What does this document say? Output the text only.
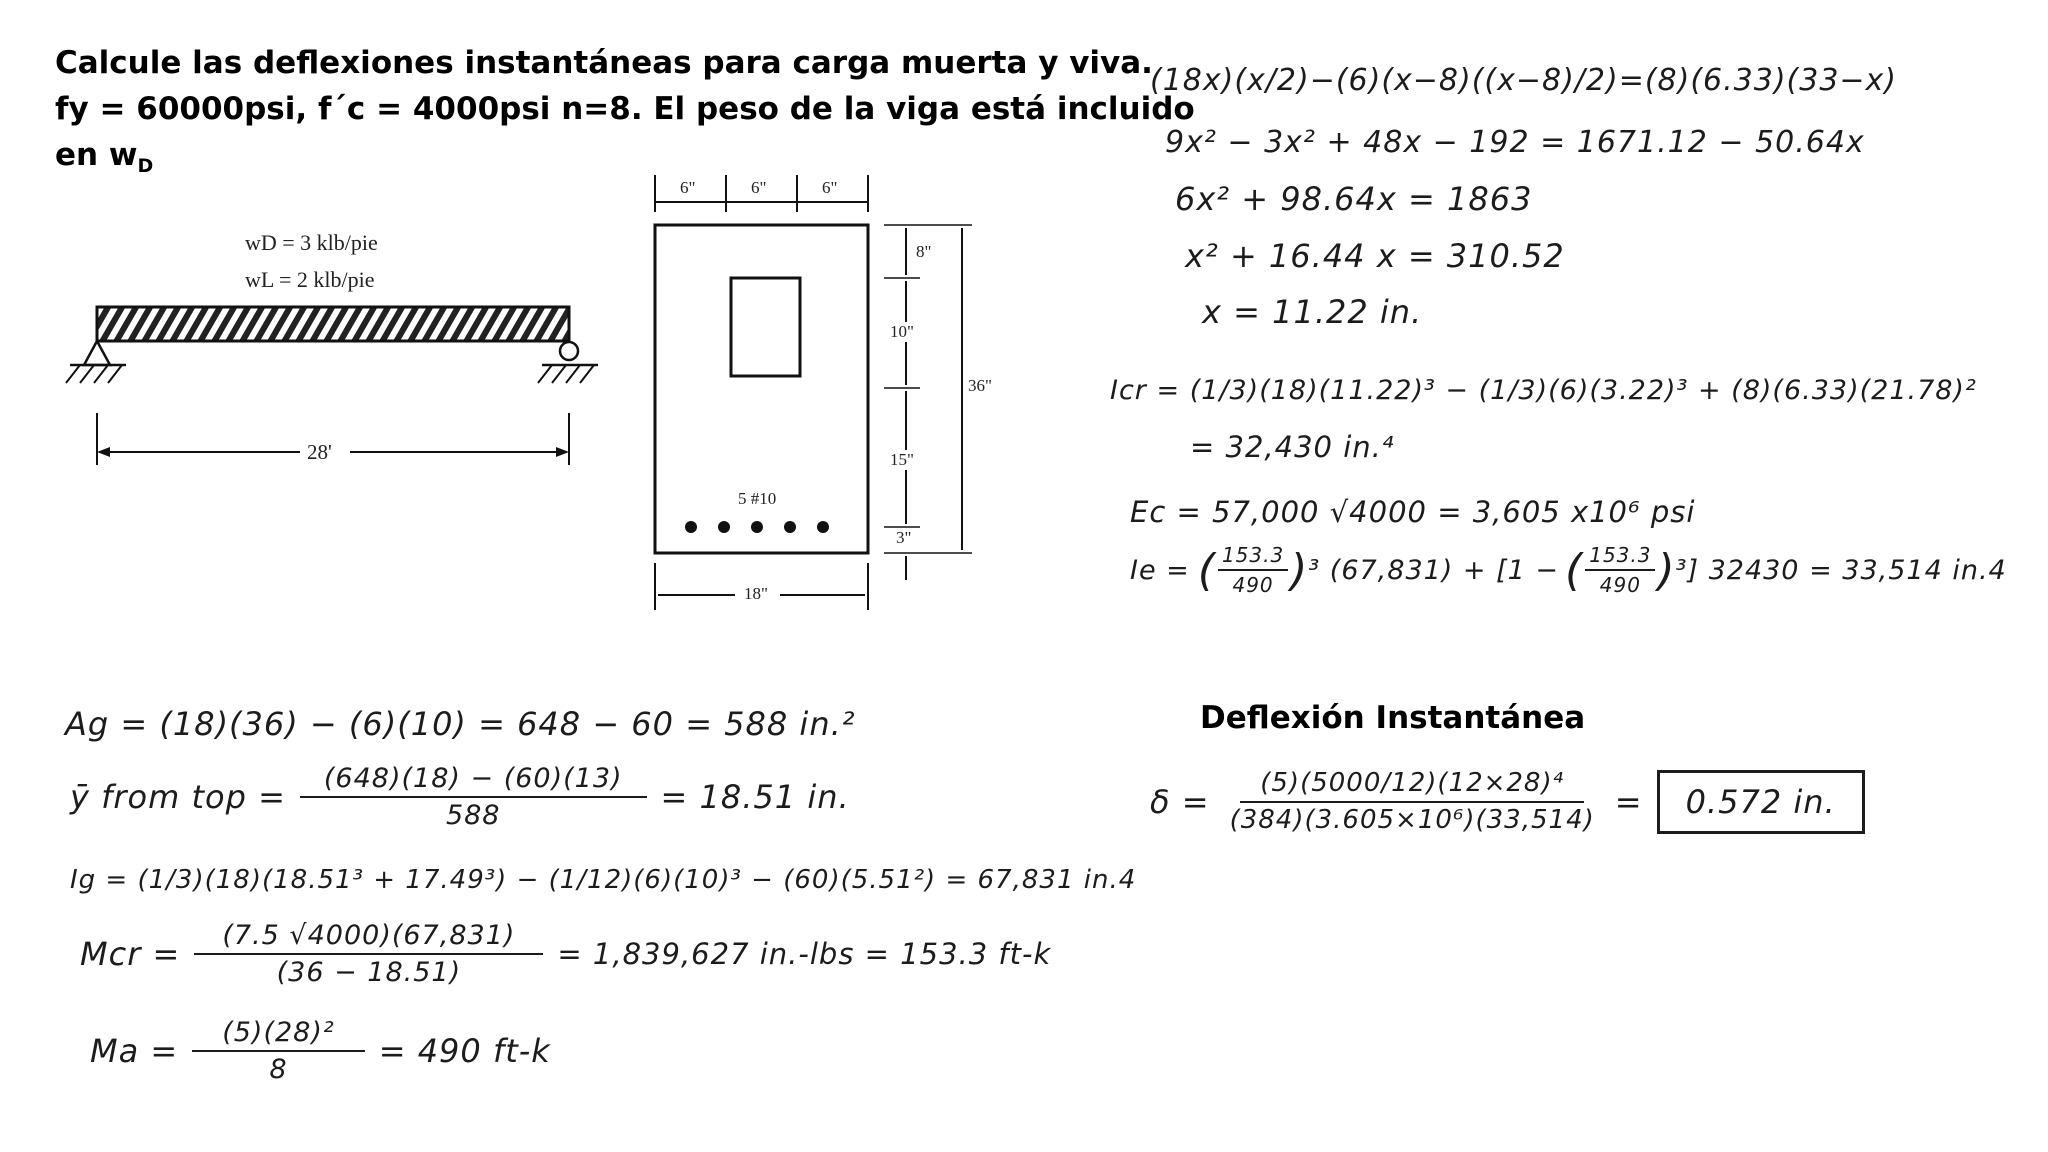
Calcule las deflexiones instantáneas para carga muerta y viva.
fy = 60000psi, f´c = 4000psi n=8. El peso de la viga está incluido
en $w_D$
wD = 3 klb/pie
wL = 2 klb/pie
28'
6"	6"	6"
8"
10"
15"
3"
36"
5 #10
18"
(18x)(x/2)−(6)(x−8)((x−8)/2)=(8)(6.33)(33−x)
9x² − 3x² + 48x − 192 = 1671.12 − 50.64x
6x² + 98.64x = 1863
x² + 16.44 x = 310.52
x = 11.22 in.
Icr = (1/3)(18)(11.22)³ − (1/3)(6)(3.22)³ + (8)(6.33)(21.78)²
= 32,430 in.⁴
Ec = 57,000 √4000 = 3,605 x10⁶ psi
Ie = ( $\frac{153.3}{490}$ ) ³ (67,831) + [1 − ( $\frac{153.3}{490}$ ) ³] 32430 = 33,514 in.4
Ag = (18)(36) − (6)(10) = 648 − 60 = 588 in.²
ȳ from top = $\frac{(648)(18) - (60)(13)}{588} = 18.51$ in.
Ig = (1/3)(18)(18.51³ + 17.49³) − (1/12)(6)(10)³ − (60)(5.51²) = 67,831 in.4
Mcr = $\frac{(7.5 √4000)(67,831)}{(36 - 18.51)} = 1,839,627$ in.-lbs = 153.3 ft-k
$Ma = \frac{\text{(5)(28)²}}{8} = 490$ ft-k
Deflexión Instantánea
$\delta = \frac{\text{(5)(5000/12)(12×28)⁴}}{\text{(384)(3.605×10⁶)(33,514)}}$ =	0.572 in.
